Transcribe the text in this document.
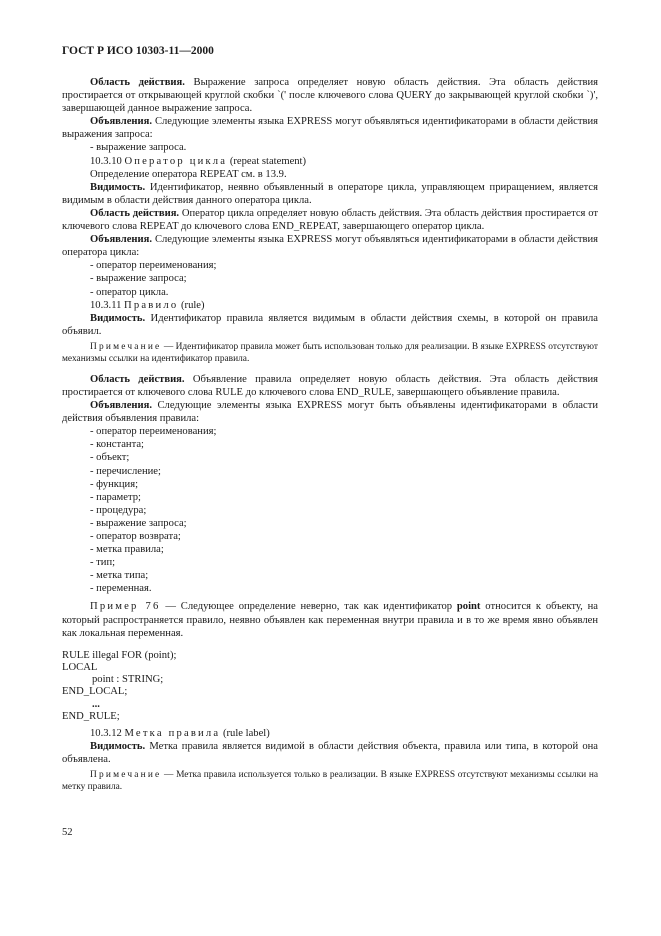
ГОСТ Р ИСО 10303-11—2000

Область действия. Выражение запроса определяет новую область действия. Эта область действия простирается от открывающей круглой скобки `(' после ключевого слова QUERY до закрывающей круглой скобки `)', завершающей данное выражение запроса.

Объявления. Следующие элементы языка EXPRESS могут объявляться идентификаторами в области действия выражения запроса:

- выражение запроса.

10.3.10 Оператор цикла (repeat statement)

Определение оператора REPEAT см. в 13.9.

Видимость. Идентификатор, неявно объявленный в операторе цикла, управляющем приращением, является видимым в области действия данного оператора цикла.

Область действия. Оператор цикла определяет новую область действия. Эта область действия простирается от ключевого слова REPEAT до ключевого слова END_REPEAT, завершающего оператор цикла.

Объявления. Следующие элементы языка EXPRESS могут объявляться идентификаторами в области действия оператора цикла:

- оператор переименования;

- выражение запроса;

- оператор цикла.

10.3.11 Правило (rule)

Видимость. Идентификатор правила является видимым в области действия схемы, в которой он правила объявил.

Примечание — Идентификатор правила может быть использован только для реализации. В языке EXPRESS отсутствуют механизмы ссылки на идентификатор правила.

Область действия. Объявление правила определяет новую область действия. Эта область действия простирается от ключевого слова RULE до ключевого слова END_RULE, завершающего объявление правила.

Объявления. Следующие элементы языка EXPRESS могут быть объявлены идентификаторами в области действия объявления правила:

- оператор переименования;

- константа;

- объект;

- перечисление;

- функция;

- параметр;

- процедура;

- выражение запроса;

- оператор возврата;

- метка правила;

- тип;

- метка типа;

- переменная.

Пример 76 — Следующее определение неверно, так как идентификатор point относится к объекту, на который распространяется правило, неявно объявлен как переменная внутри правила и в то же время явно объявлен как локальная переменная.

RULE illegal FOR (point);

LOCAL

point : STRING;

END_LOCAL;

...

END_RULE;

10.3.12 Метка правила (rule label)

Видимость. Метка правила является видимой в области действия объекта, правила или типа, в которой она объявлена.

Примечание — Метка правила используется только в реализации. В языке EXPRESS отсутствуют механизмы ссылки на метку правила.

52
